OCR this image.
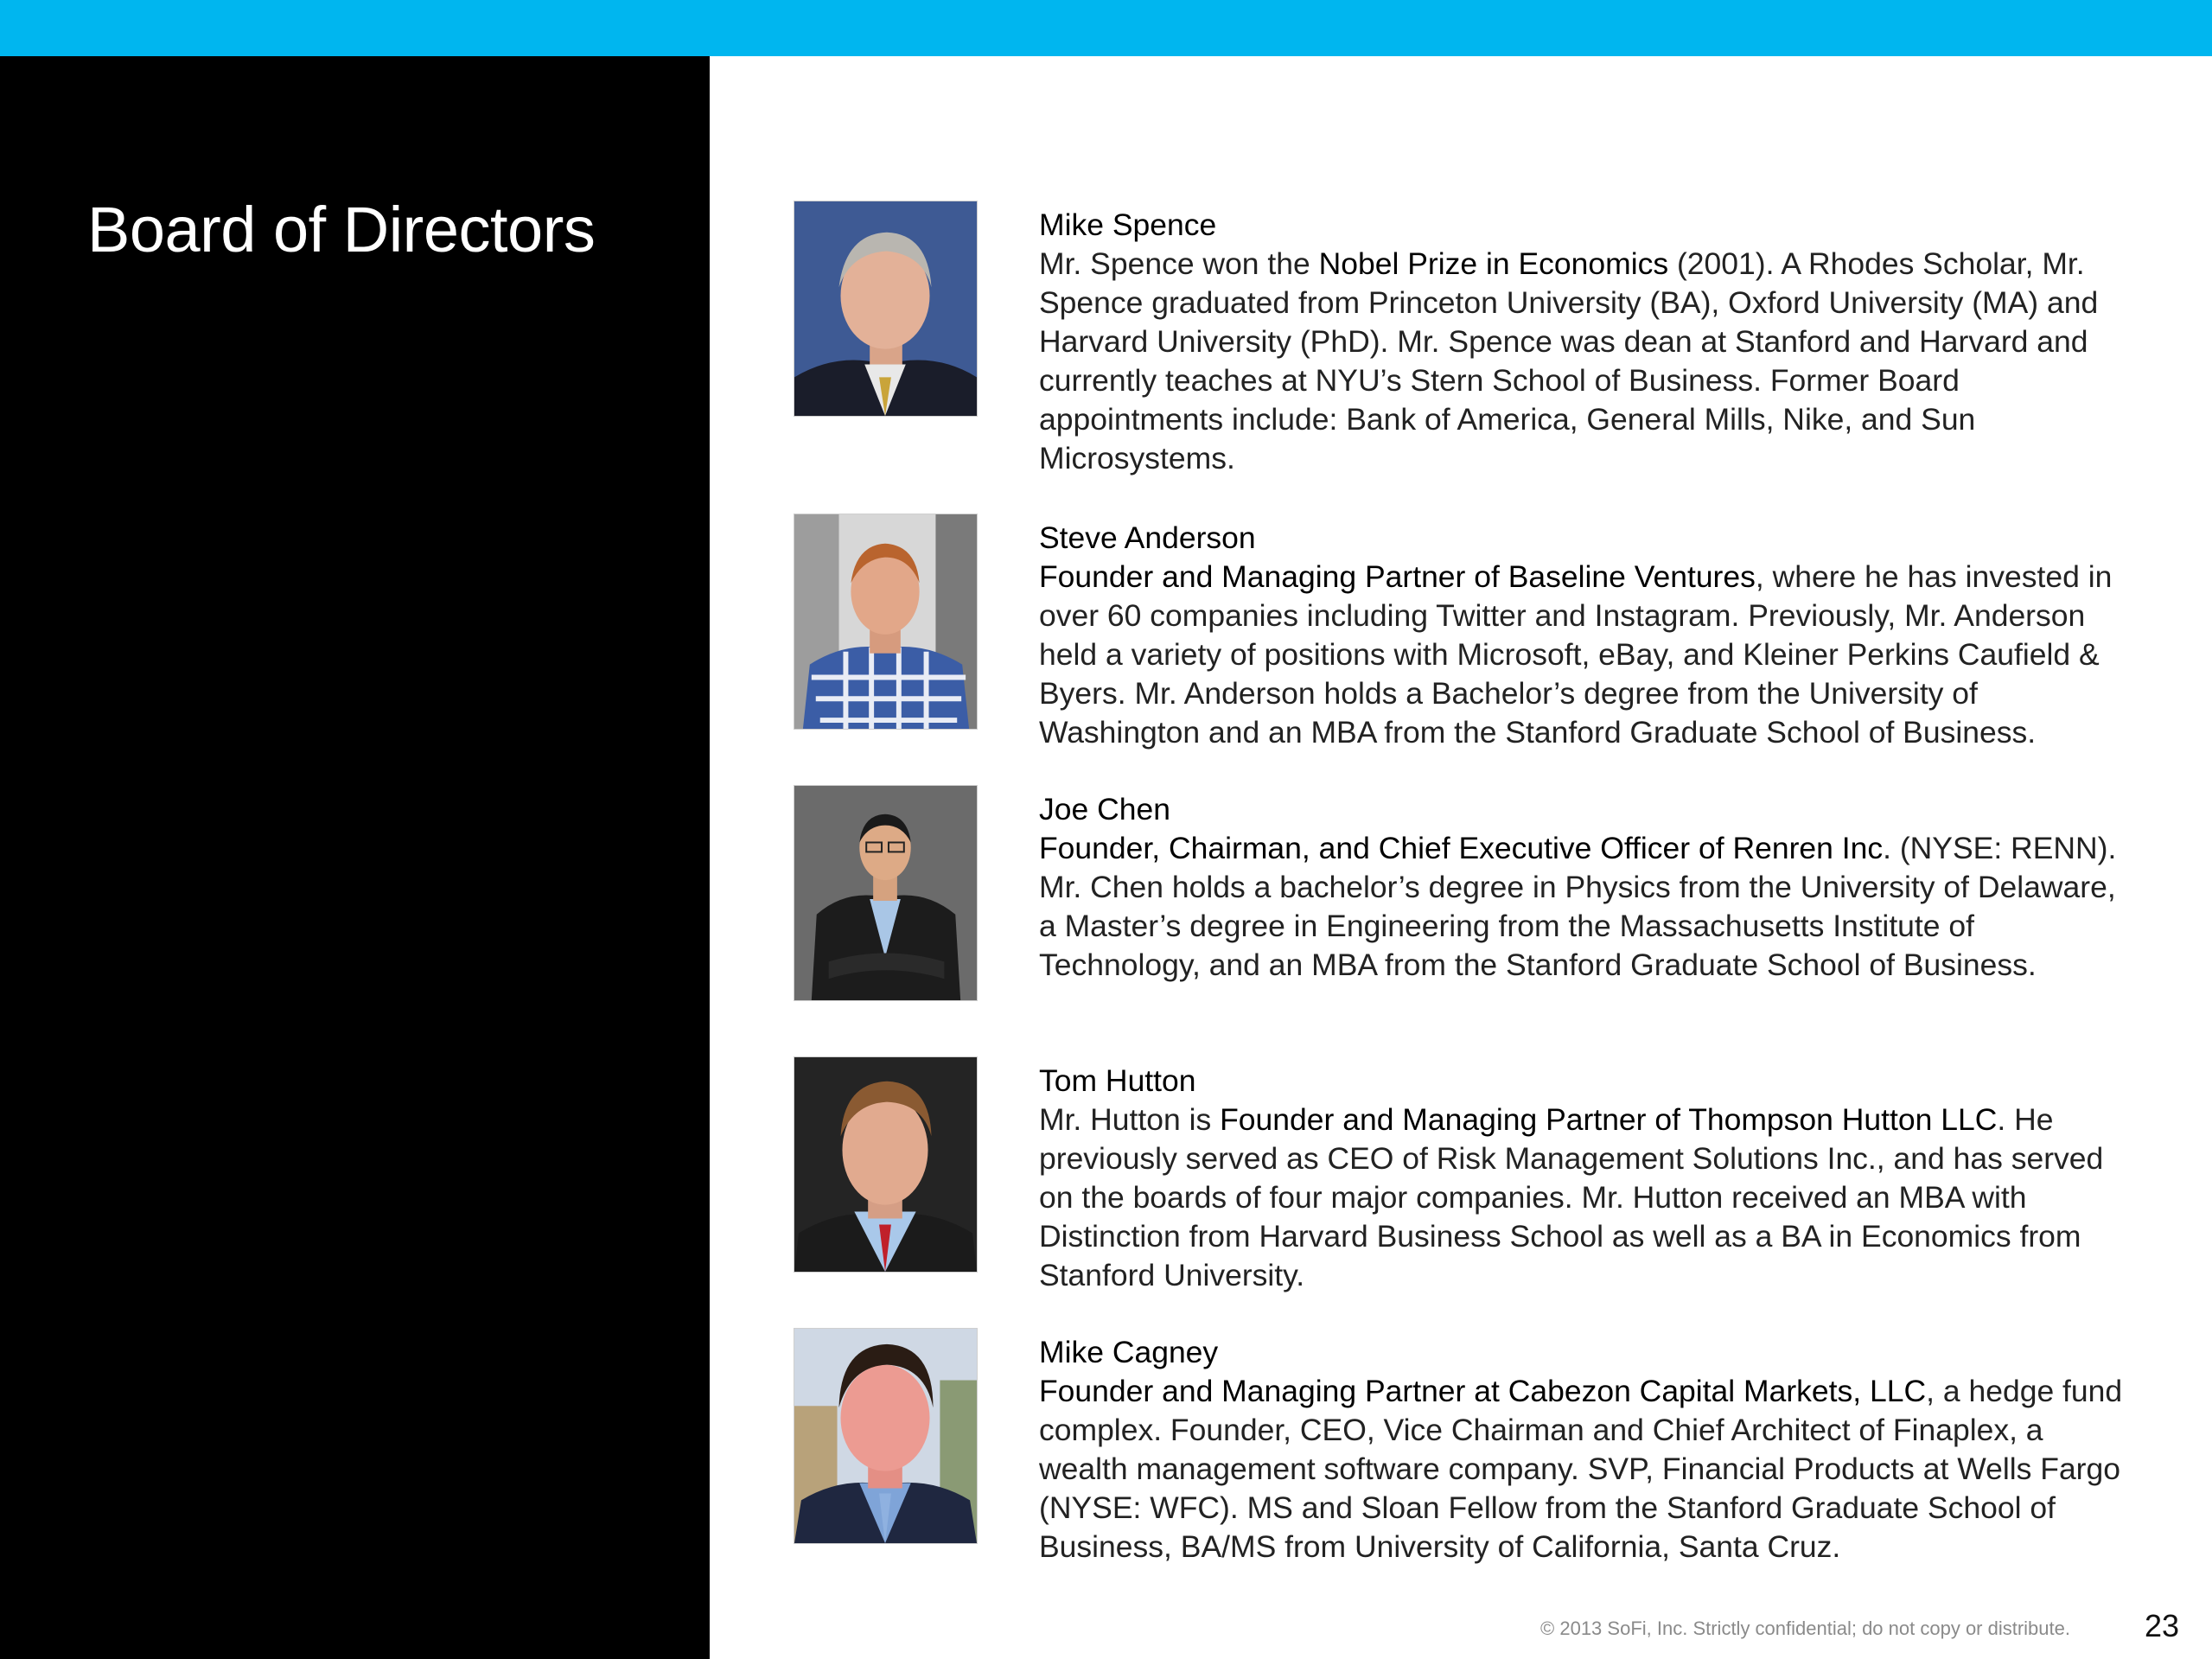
Board of Directors	Mike Spence

Mr. Spence won the Nobel Prize in Economics (2001). A Rhodes Scholar, Mr. Spence graduated from Princeton University (BA), Oxford University (MA) and Harvard University (PhD). Mr. Spence was dean at Stanford and Harvard and currently teaches at NYU’s Stern School of Business. Former Board appointments include: Bank of America, General Mills, Nike, and Sun Microsystems.

Steve Anderson

Founder and Managing Partner of Baseline Ventures, where he has invested in over 60 companies including Twitter and Instagram. Previously, Mr. Anderson held a variety of positions with Microsoft, eBay, and Kleiner Perkins Caufield & Byers. Mr. Anderson holds a Bachelor’s degree from the University of Washington and an MBA from the Stanford Graduate School of Business.

Joe Chen

Founder, Chairman, and Chief Executive Officer of Renren Inc. (NYSE: RENN). Mr. Chen holds a bachelor’s degree in Physics from the University of Delaware, a Master’s degree in Engineering from the Massachusetts Institute of Technology, and an MBA from the Stanford Graduate School of Business.

Tom Hutton

Mr. Hutton is Founder and Managing Partner of Thompson Hutton LLC. He previously served as CEO of Risk Management Solutions Inc., and has served on the boards of four major companies. Mr. Hutton received an MBA with Distinction from Harvard Business School as well as a BA in Economics from Stanford University.

Mike Cagney

Founder and Managing Partner at Cabezon Capital Markets, LLC, a hedge fund complex. Founder, CEO, Vice Chairman and Chief Architect of Finaplex, a wealth management software company. SVP, Financial Products at Wells Fargo (NYSE: WFC). MS and Sloan Fellow from the Stanford Graduate School of Business, BA/MS from University of California, Santa Cruz.

© 2013 SoFi, Inc. Strictly confidential; do not copy or distribute. 23
